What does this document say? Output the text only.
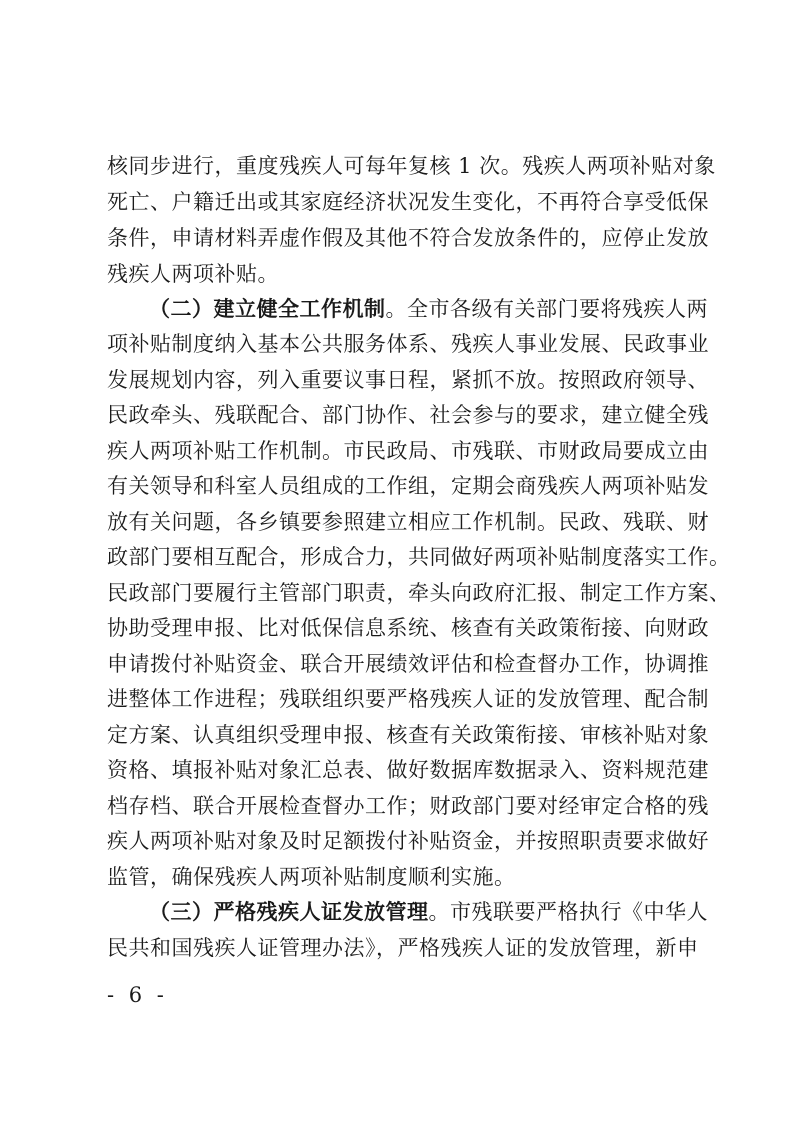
核同步进行，重度残疾人可每年复核 1 次。残疾人两项补贴对象
死亡、户籍迁出或其家庭经济状况发生变化，不再符合享受低保
条件，申请材料弄虚作假及其他不符合发放条件的，应停止发放
残疾人两项补贴。
（二）建立健全工作机制。全市各级有关部门要将残疾人两
项补贴制度纳入基本公共服务体系、残疾人事业发展、民政事业
发展规划内容，列入重要议事日程，紧抓不放。按照政府领导、
民政牵头、残联配合、部门协作、社会参与的要求，建立健全残
疾人两项补贴工作机制。市民政局、市残联、市财政局要成立由
有关领导和科室人员组成的工作组，定期会商残疾人两项补贴发
放有关问题，各乡镇要参照建立相应工作机制。民政、残联、财
政部门要相互配合，形成合力，共同做好两项补贴制度落实工作。
民政部门要履行主管部门职责，牵头向政府汇报、制定工作方案、
协助受理申报、比对低保信息系统、核查有关政策衔接、向财政
申请拨付补贴资金、联合开展绩效评估和检查督办工作，协调推
进整体工作进程；残联组织要严格残疾人证的发放管理、配合制
定方案、认真组织受理申报、核查有关政策衔接、审核补贴对象
资格、填报补贴对象汇总表、做好数据库数据录入、资料规范建
档存档、联合开展检查督办工作；财政部门要对经审定合格的残
疾人两项补贴对象及时足额拨付补贴资金，并按照职责要求做好
监管，确保残疾人两项补贴制度顺利实施。
（三）严格残疾人证发放管理。市残联要严格执行《中华人
民共和国残疾人证管理办法》，严格残疾人证的发放管理，新申
- 6 -
